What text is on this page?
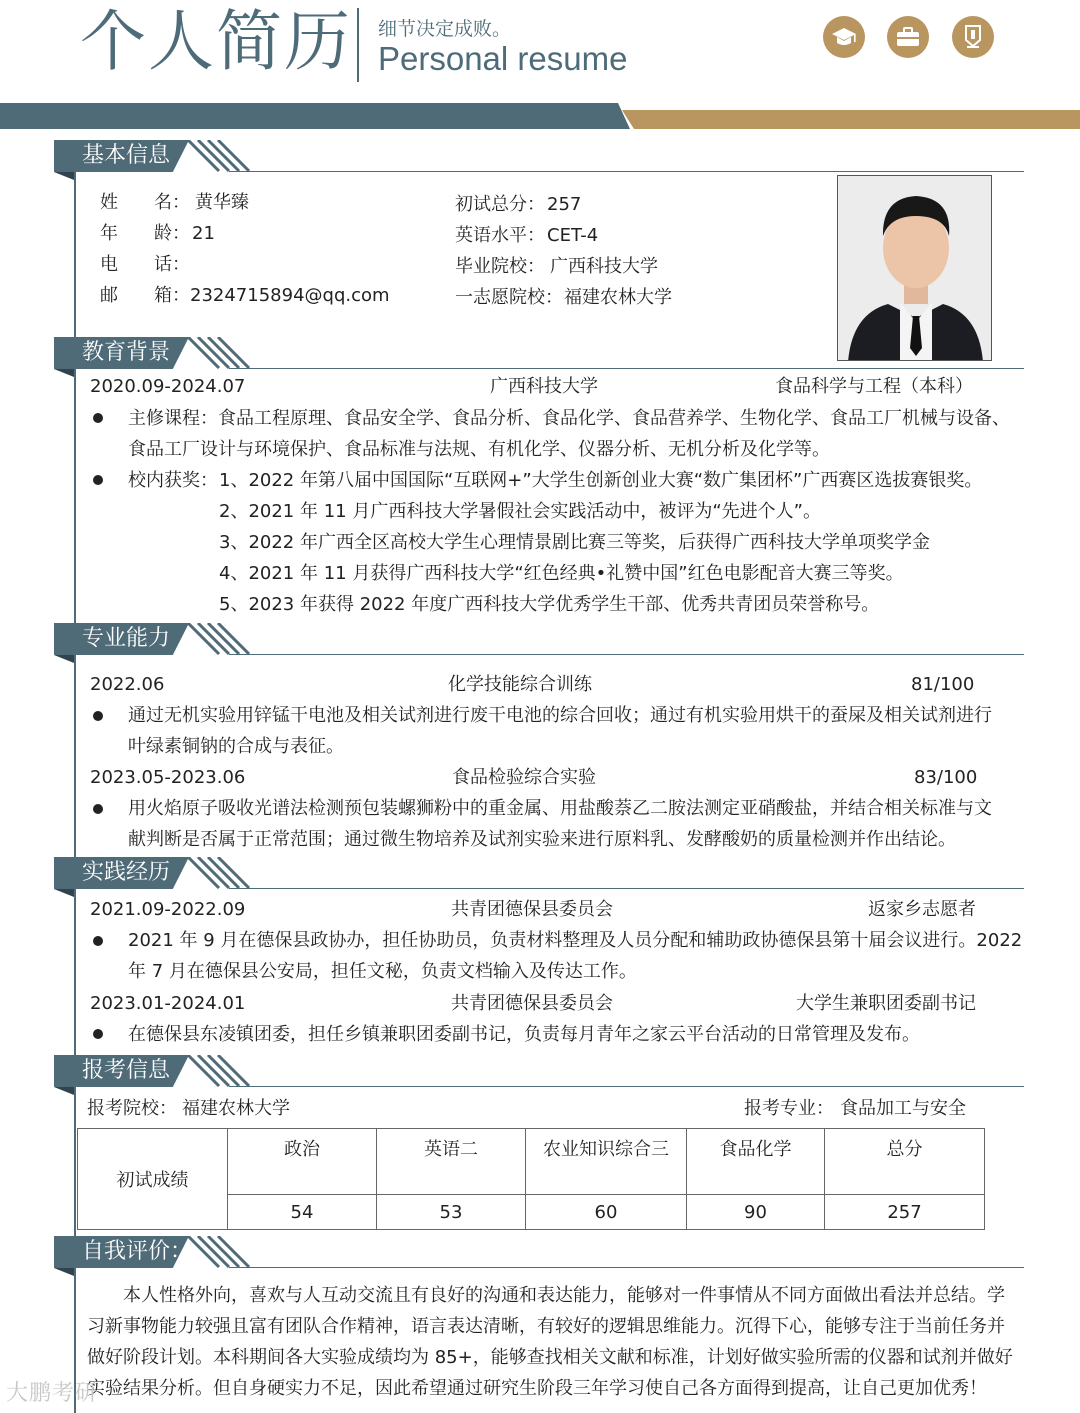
个人简历 细节决定成败。
Personal resume
基本信息
姓　　名： 黄华臻
年　　龄： 21
电　　话：
邮　　箱： 2324715894@qq.com
初试总分： 257
英语水平： CET-4
毕业院校： 广西科技大学
一志愿院校： 福建农林大学
教育背景
2020.09-2024.07	广西科技大学	食品科学与工程（本科）
主修课程：食品工程原理、食品安全学、食品分析、食品化学、食品营养学、生物化学、食品工厂机械与设备、
食品工厂设计与环境保护、食品标准与法规、有机化学、仪器分析、无机分析及化学等。
校内获奖： 1、2022 年第八届中国国际“互联网+”大学生创新创业大赛“数广集团杯”广西赛区选拔赛银奖。
2、2021 年 11 月广西科技大学暑假社会实践活动中，被评为“先进个人”。
3、2022 年广西全区高校大学生心理情景剧比赛三等奖，后获得广西科技大学单项奖学金
4、2021 年 11 月获得广西科技大学“红色经典•礼赞中国”红色电影配音大赛三等奖。
5、2023 年获得 2022 年度广西科技大学优秀学生干部、优秀共青团员荣誉称号。
专业能力
2022.06	化学技能综合训练	81/100
通过无机实验用锌锰干电池及相关试剂进行废干电池的综合回收；通过有机实验用烘干的蚕屎及相关试剂进行
叶绿素铜钠的合成与表征。
2023.05-2023.06	食品检验综合实验	83/100
用火焰原子吸收光谱法检测预包装螺狮粉中的重金属、用盐酸萘乙二胺法测定亚硝酸盐，并结合相关标准与文
献判断是否属于正常范围；通过微生物培养及试剂实验来进行原料乳、发酵酸奶的质量检测并作出结论。
实践经历
2021.09-2022.09	共青团德保县委员会	返家乡志愿者
2021 年 9 月在德保县政协办，担任协助员，负责材料整理及人员分配和辅助政协德保县第十届会议进行。2022
年 7 月在德保县公安局，担任文秘，负责文档输入及传达工作。
2023.01-2024.01	共青团德保县委员会	大学生兼职团委副书记
在德保县东凌镇团委，担任乡镇兼职团委副书记，负责每月青年之家云平台活动的日常管理及发布。
报考信息
报考院校： 福建农林大学	报考专业： 食品加工与安全
初试成绩	政治	英语二	农业知识综合三	食品化学	总分
	54	53	60	90	257
自我评价：
本人性格外向，喜欢与人互动交流且有良好的沟通和表达能力，能够对一件事情从不同方面做出看法并总结。学
习新事物能力较强且富有团队合作精神，语言表达清晰，有较好的逻辑思维能力。沉得下心，能够专注于当前任务并
做好阶段计划。本科期间各大实验成绩均为 85+，能够查找相关文献和标准，计划好做实验所需的仪器和试剂并做好
实验结果分析。但自身硬实力不足，因此希望通过研究生阶段三年学习使自己各方面得到提高，让自己更加优秀！
大鹏考研
